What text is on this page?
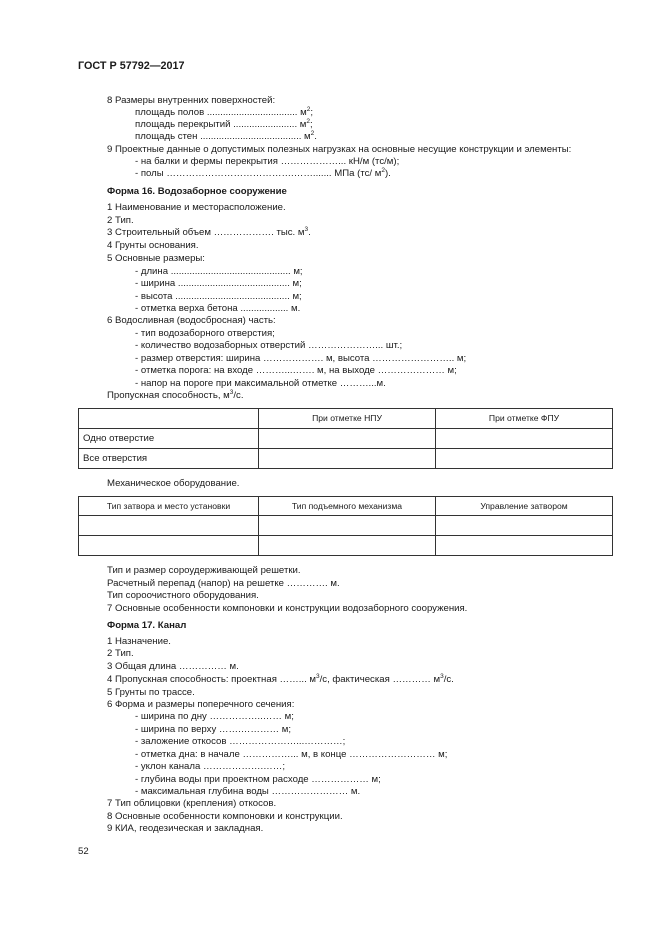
ГОСТ Р 57792—2017
8 Размеры внутренних поверхностей:
площадь полов .................................. $м^2$;
площадь перекрытий ........................ $м^2$;
площадь стен ...................................... $м^2$.
9 Проектные данные о допустимых полезных нагрузках на основные несущие конструкции и элементы:
- на балки и фермы перекрытия ………………... кН/м (тс/м);
- полы ………………………………….……....... МПа (тс/ $м^2$).
Форма 16. Водозаборное сооружение
1 Наименование и месторасположение.
2 Тип.
3 Строительный объем ………………. тыс. $м^3$.
4 Грунты основания.
5 Основные размеры:
- длина ............................................. м;
- ширина .......................................... м;
- высота ........................................... м;
- отметка верха бетона .................. м.
6 Водосливная (водосбросная) часть:
- тип водозаборного отверстия;
- количество водозаборных отверстий …………………... шт.;
- размер отверстия: ширина ………………. м, высота …………………….. м;
- отметка порога: на входе ………...……. м, на выходе ………………… м;
- напор на пороге при максимальной отметке ………...м.
Пропускная способность, $м^3/с$.
	При отметке НПУ	При отметке ФПУ
Одно отверстие		
Все отверстия		
Механическое оборудование.
Тип затвора и место установки	Тип подъемного механизма	Управление затвором

Тип и размер сороудерживающей решетки.
Расчетный перепад (напор) на решетке …………. м.
Тип сороочистного оборудования.
7 Основные особенности компоновки и конструкции водозаборного сооружения.
Форма 17. Канал
1 Назначение.
2 Тип.
3 Общая длина …………… м.
4 Пропускная способность: проектная ……... $м^3/с$, фактическая ………… $м^3/с$.
5 Грунты по трассе.
6 Форма и размеры поперечного сечения:
- ширина по дну ……………..…… м;
- ширина по верху …….………… м;
- заложение откосов …………………...…………;
- отметка дна: в начале ……………... м, в конце ……………………… м;
- уклон канала ……………….……;
- глубина воды при проектном расходе ……………… м;
- максимальная глубина воды …………………… м.
7 Тип облицовки (крепления) откосов.
8 Основные особенности компоновки и конструкции.
9 КИА, геодезическая и закладная.
52
